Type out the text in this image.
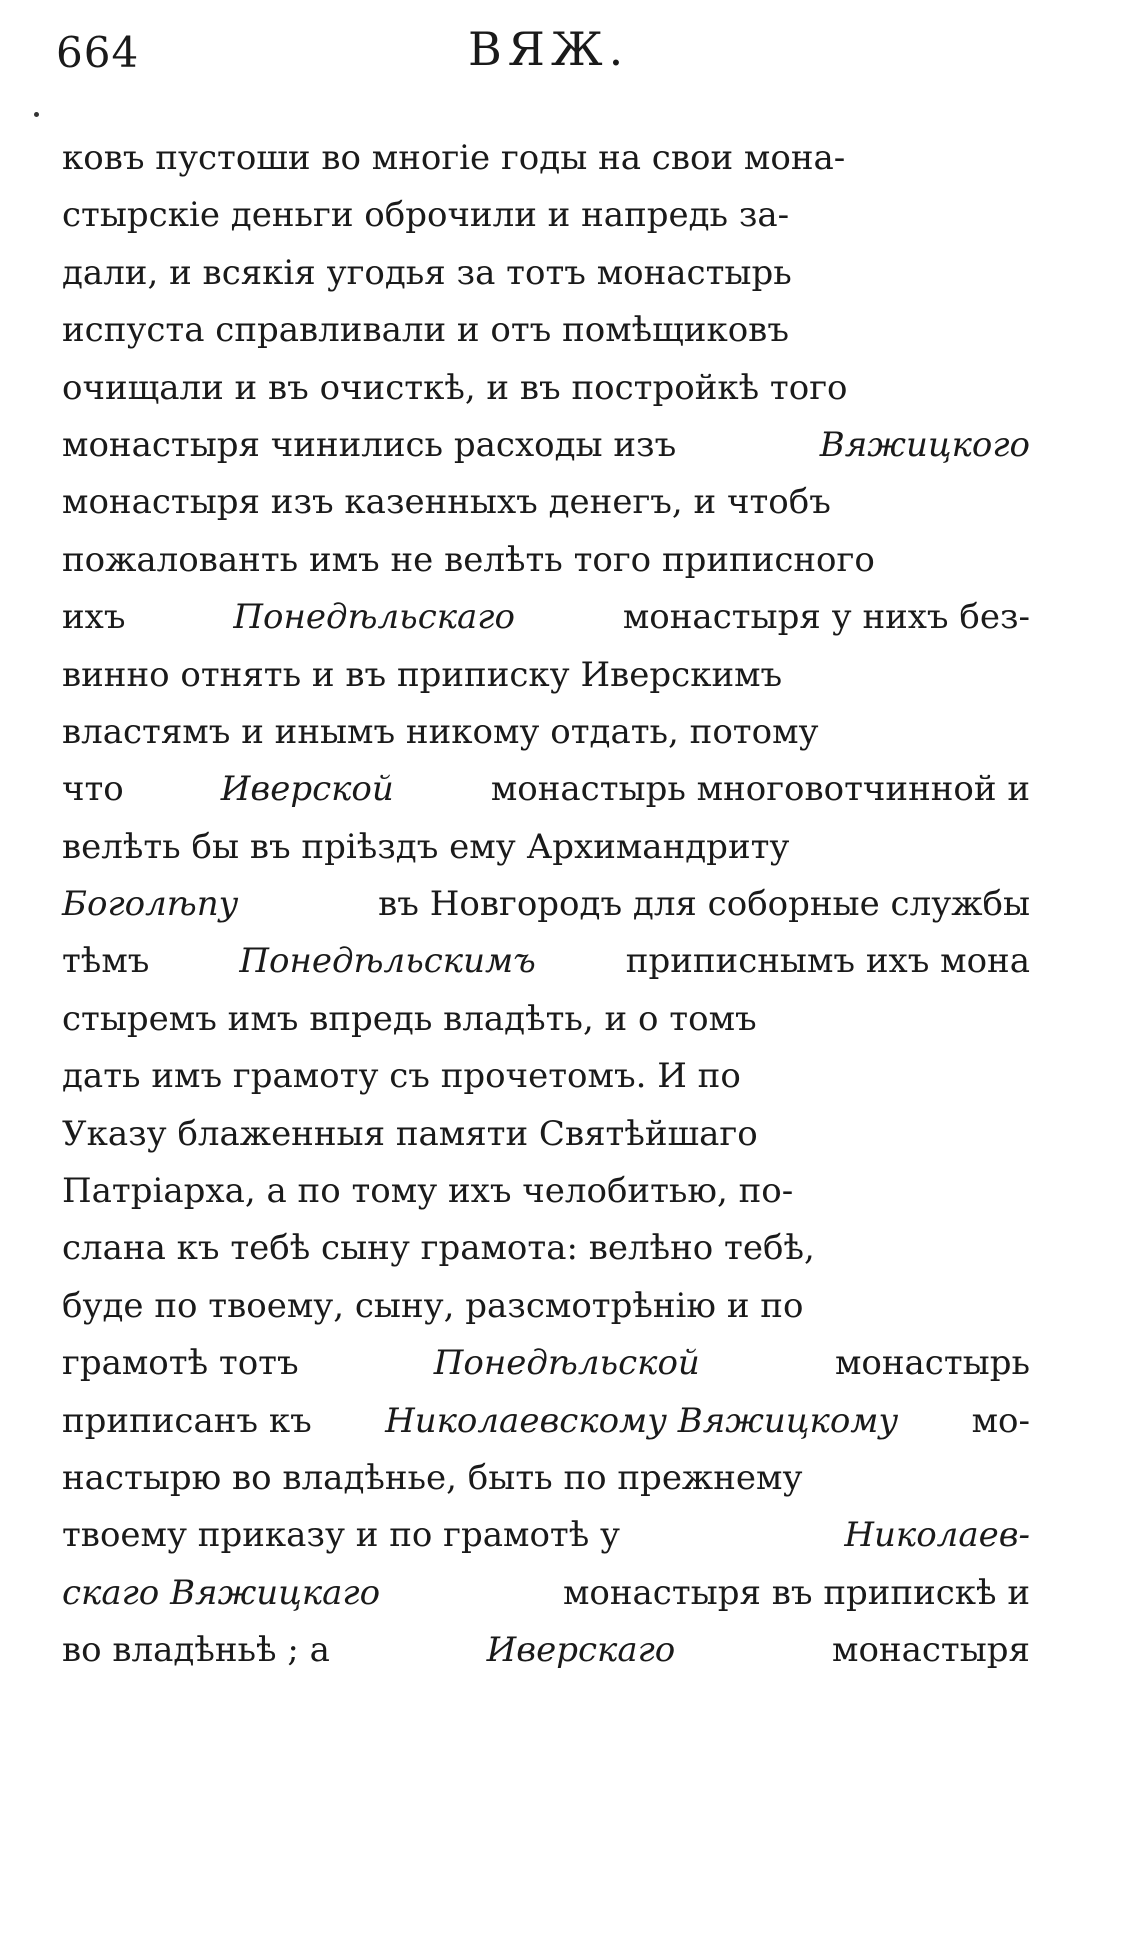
664	ВЯЖ.
ковъ пустоши во многіе годы на свои мона-
стырскіе деньги оброчили и напредь за-
дали, и всякія угодья за тотъ монастырь
испуста справливали и отъ помѣщиковъ
очищали и въ очисткѣ, и въ постройкѣ того
монастыря чинились расходы изъ	Вяжицкого
монастыря изъ казенныхъ денегъ, и чтобъ
пожалованть имъ не велѣть того приписного
ихъ	Понедѣльскаго	монастыря у нихъ без-
винно отнять и въ приписку Иверскимъ
властямъ и инымъ никому отдать, потому
что	Иверской	монастырь многовотчинной и
велѣть бы въ пріѣздъ ему Архимандриту
Боголѣпу	въ Новгородъ для соборные службы
тѣмъ	Понедѣльскимъ	приписнымъ ихъ мона
стыремъ имъ впредь владѣть, и о томъ
дать имъ грамоту съ прочетомъ. И по
Указу блаженныя памяти Святѣйшаго
Патріарха, а по тому ихъ челобитью, по-
слана къ тебѣ сыну грамота: велѣно тебѣ,
буде по твоему, сыну, разсмотрѣнію и по
грамотѣ тотъ	Понедѣльской	монастырь
приписанъ къ Николаевскому Вяжицкому мо-
настырю во владѣнье, быть по прежнему
твоему приказу и по грамотѣ у	Николаев-
скаго Вяжицкаго	монастыря въ припискѣ и
во владѣньѣ ; а	Иверскаго	монастыря
